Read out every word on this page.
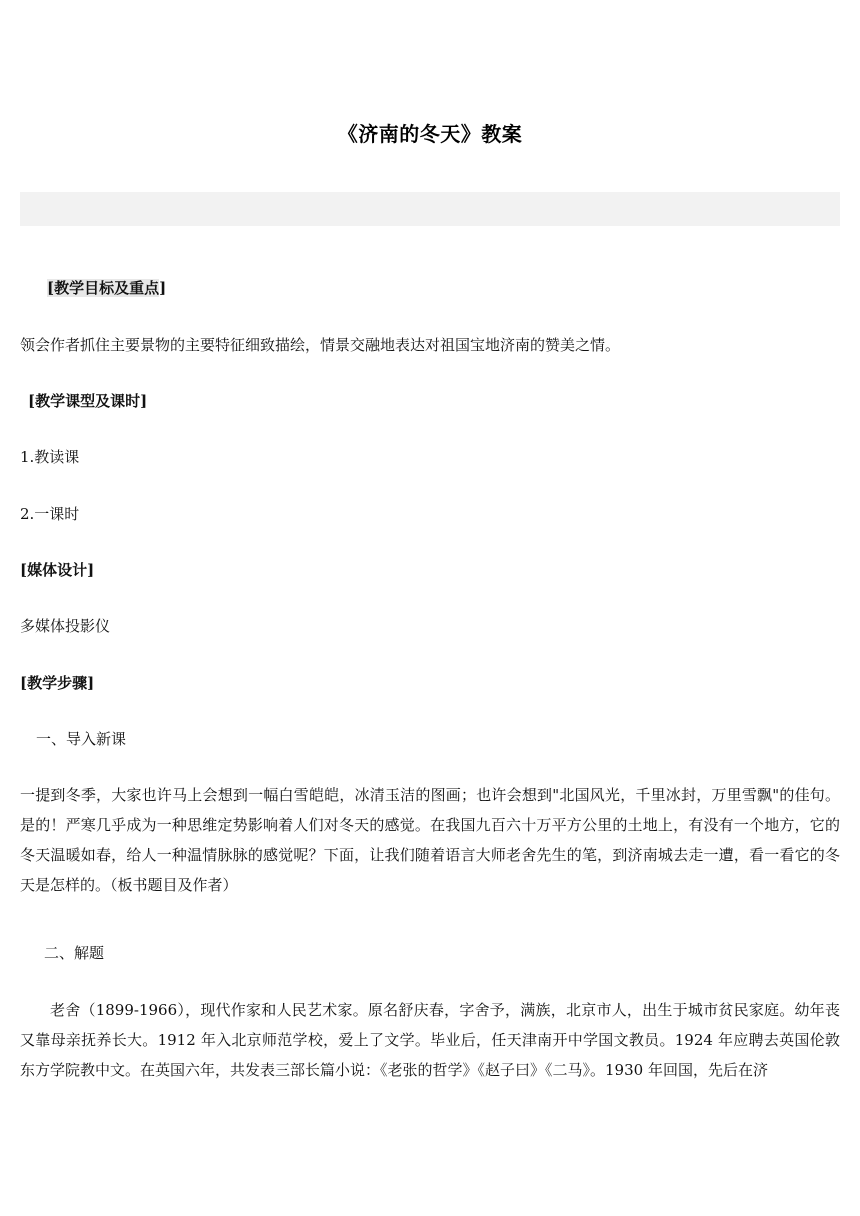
《济南的冬天》教案
[教学目标及重点]
领会作者抓住主要景物的主要特征细致描绘，情景交融地表达对祖国宝地济南的赞美之情。
[教学课型及课时]
1.教读课
2.一课时
[媒体设计]
多媒体投影仪
[教学步骤]
一、导入新课
一提到冬季，大家也许马上会想到一幅白雪皑皑，冰清玉洁的图画；也许会想到"北国风光，千里冰封，万里雪飘"的佳句。是的！严寒几乎成为一种思维定势影响着人们对冬天的感觉。在我国九百六十万平方公里的土地上，有没有一个地方，它的冬天温暖如春，给人一种温情脉脉的感觉呢？下面，让我们随着语言大师老舍先生的笔，到济南城去走一遭，看一看它的冬天是怎样的。（板书题目及作者）
二、解题
老舍（1899-1966），现代作家和人民艺术家。原名舒庆春，字舍予，满族，北京市人，出生于城市贫民家庭。幼年丧又靠母亲抚养长大。1912 年入北京师范学校，爱上了文学。毕业后，任天津南开中学国文教员。1924 年应聘去英国伦敦东方学院教中文。在英国六年，共发表三部长篇小说：《老张的哲学》《赵子曰》《二马》。1930 年回国，先后在济
